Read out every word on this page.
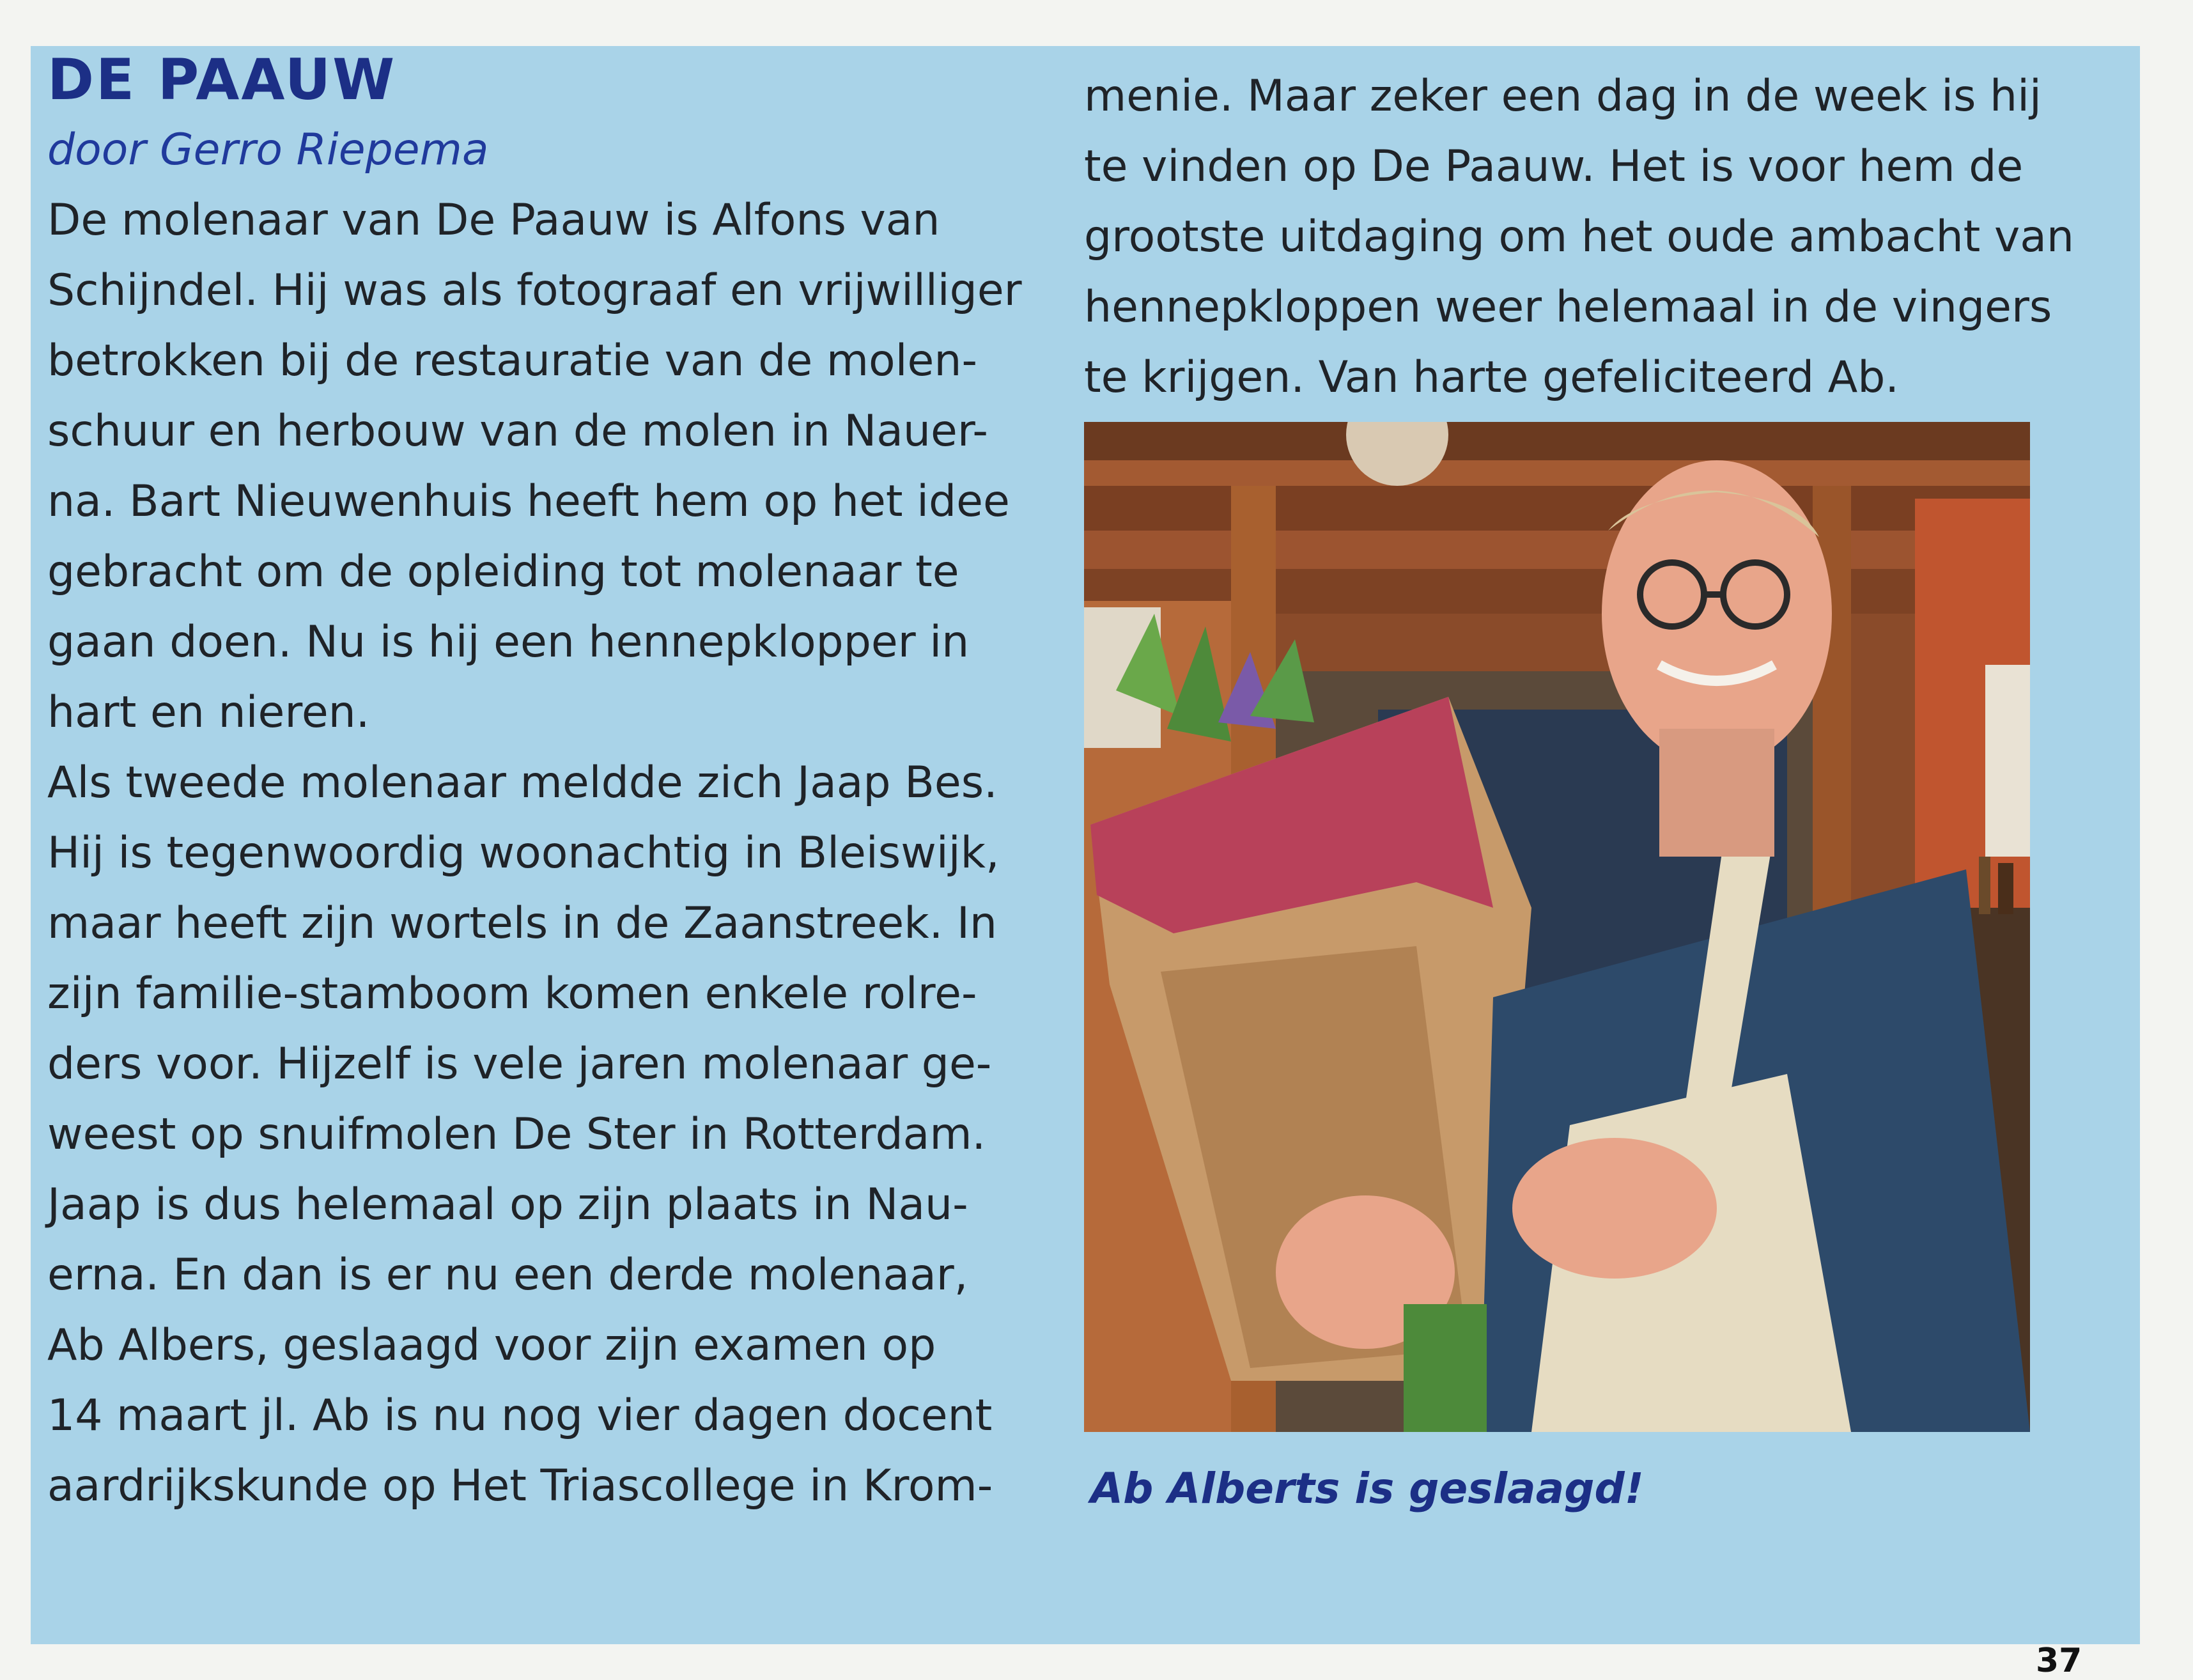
DE PAAUW
door Gerro Riepema
De molenaar van De Paauw is Alfons van
Schijndel. Hij was als fotograaf en vrijwilliger
betrokken bij de restauratie van de molen-
schuur en herbouw van de molen in Nauer-
na. Bart Nieuwenhuis heeft hem op het idee
gebracht om de opleiding tot molenaar te
gaan doen. Nu is hij een hennepklopper in
hart en nieren.
Als tweede molenaar meldde zich Jaap Bes.
Hij is tegenwoordig woonachtig in Bleiswijk,
maar heeft zijn wortels in de Zaanstreek. In
zijn familie-stamboom komen enkele rolre-
ders voor. Hijzelf is vele jaren molenaar ge-
weest op snuifmolen De Ster in Rotterdam.
Jaap is dus helemaal op zijn plaats in Nau-
erna. En dan is er nu een derde molenaar,
Ab Albers, geslaagd voor zijn examen op
14 maart jl. Ab is nu nog vier dagen docent
aardrijkskunde op Het Triascollege in Krom-
menie. Maar zeker een dag in de week is hij
te vinden op De Paauw. Het is voor hem de
grootste uitdaging om het oude ambacht van
hennepkloppen weer helemaal in de vingers
te krijgen. Van harte gefeliciteerd Ab.
Ab Alberts is geslaagd!
37
